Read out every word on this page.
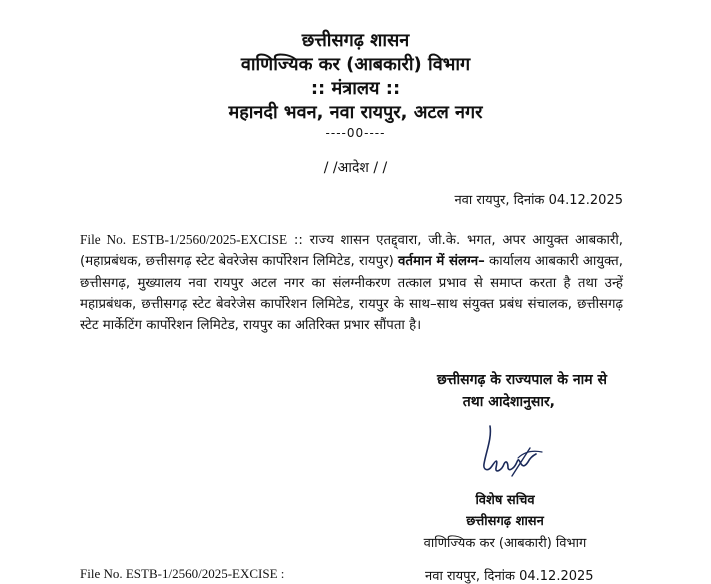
छत्तीसगढ़ शासन
वाणिज्यिक कर (आबकारी) विभाग
:: मंत्रालय ::
महानदी भवन, नवा रायपुर, अटल नगर
----00----
/ /आदेश / /
नवा रायपुर, दिनांक 04.12.2025
File No. ESTB-1/2560/2025-EXCISE :: राज्य शासन एतद्द्वारा, जी.के. भगत, अपर आयुक्त आबकारी, (महाप्रबंधक, छत्तीसगढ़ स्टेट बेवरेजेस कार्पोरेशन लिमिटेड, रायपुर) वर्तमान में संलग्न– कार्यालय आबकारी आयुक्त, छत्तीसगढ़, मुख्यालय नवा रायपुर अटल नगर का संलग्नीकरण तत्काल प्रभाव से समाप्त करता है तथा उन्हें महाप्रबंधक, छत्तीसगढ़ स्टेट बेवरेजेस कार्पोरेशन लिमिटेड, रायपुर के साथ–साथ संयुक्त प्रबंध संचालक, छत्तीसगढ़ स्टेट मार्केटिंग कार्पोरेशन लिमिटेड, रायपुर का अतिरिक्त प्रभार सौंपता है।
छत्तीसगढ़ के राज्यपाल के नाम से
तथा आदेशानुसार,
विशेष सचिव
छत्तीसगढ़ शासन
वाणिज्यिक कर (आबकारी) विभाग
File No. ESTB-1/2560/2025-EXCISE :	नवा रायपुर, दिनांक 04.12.2025
